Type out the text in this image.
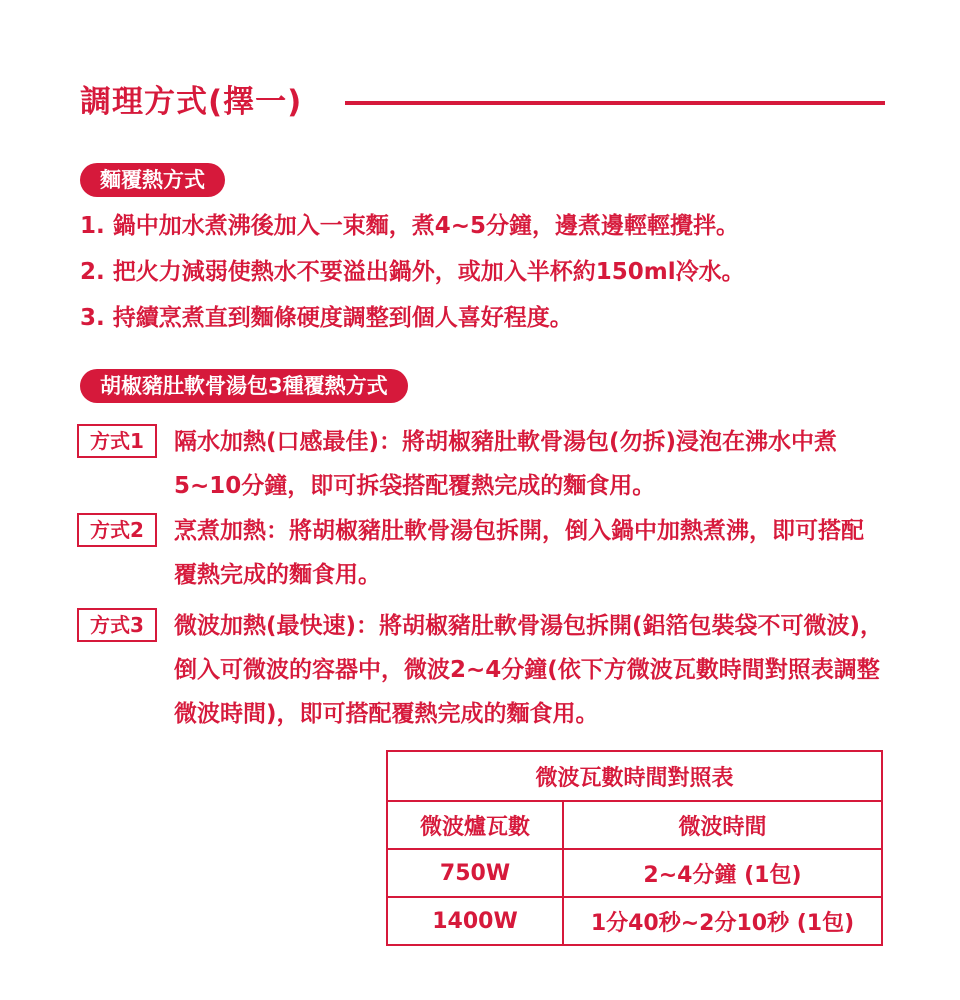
調理方式(擇一)
麵覆熱方式
1. 鍋中加水煮沸後加入一束麵，煮4~5分鐘，邊煮邊輕輕攪拌。
2. 把火力減弱使熱水不要溢出鍋外，或加入半杯約150ml冷水。
3. 持續烹煮直到麵條硬度調整到個人喜好程度。
胡椒豬肚軟骨湯包3種覆熱方式
方式1	隔水加熱(口感最佳)：將胡椒豬肚軟骨湯包(勿拆)浸泡在沸水中煮5~10分鐘，即可拆袋搭配覆熱完成的麵食用。
方式2	烹煮加熱：將胡椒豬肚軟骨湯包拆開，倒入鍋中加熱煮沸，即可搭配覆熱完成的麵食用。
方式3	微波加熱(最快速)：將胡椒豬肚軟骨湯包拆開(鋁箔包裝袋不可微波)，倒入可微波的容器中，微波2~4分鐘(依下方微波瓦數時間對照表調整微波時間)，即可搭配覆熱完成的麵食用。
微波瓦數時間對照表	
微波爐瓦數	微波時間
750W	2~4分鐘 (1包)
1400W	1分40秒~2分10秒 (1包)
